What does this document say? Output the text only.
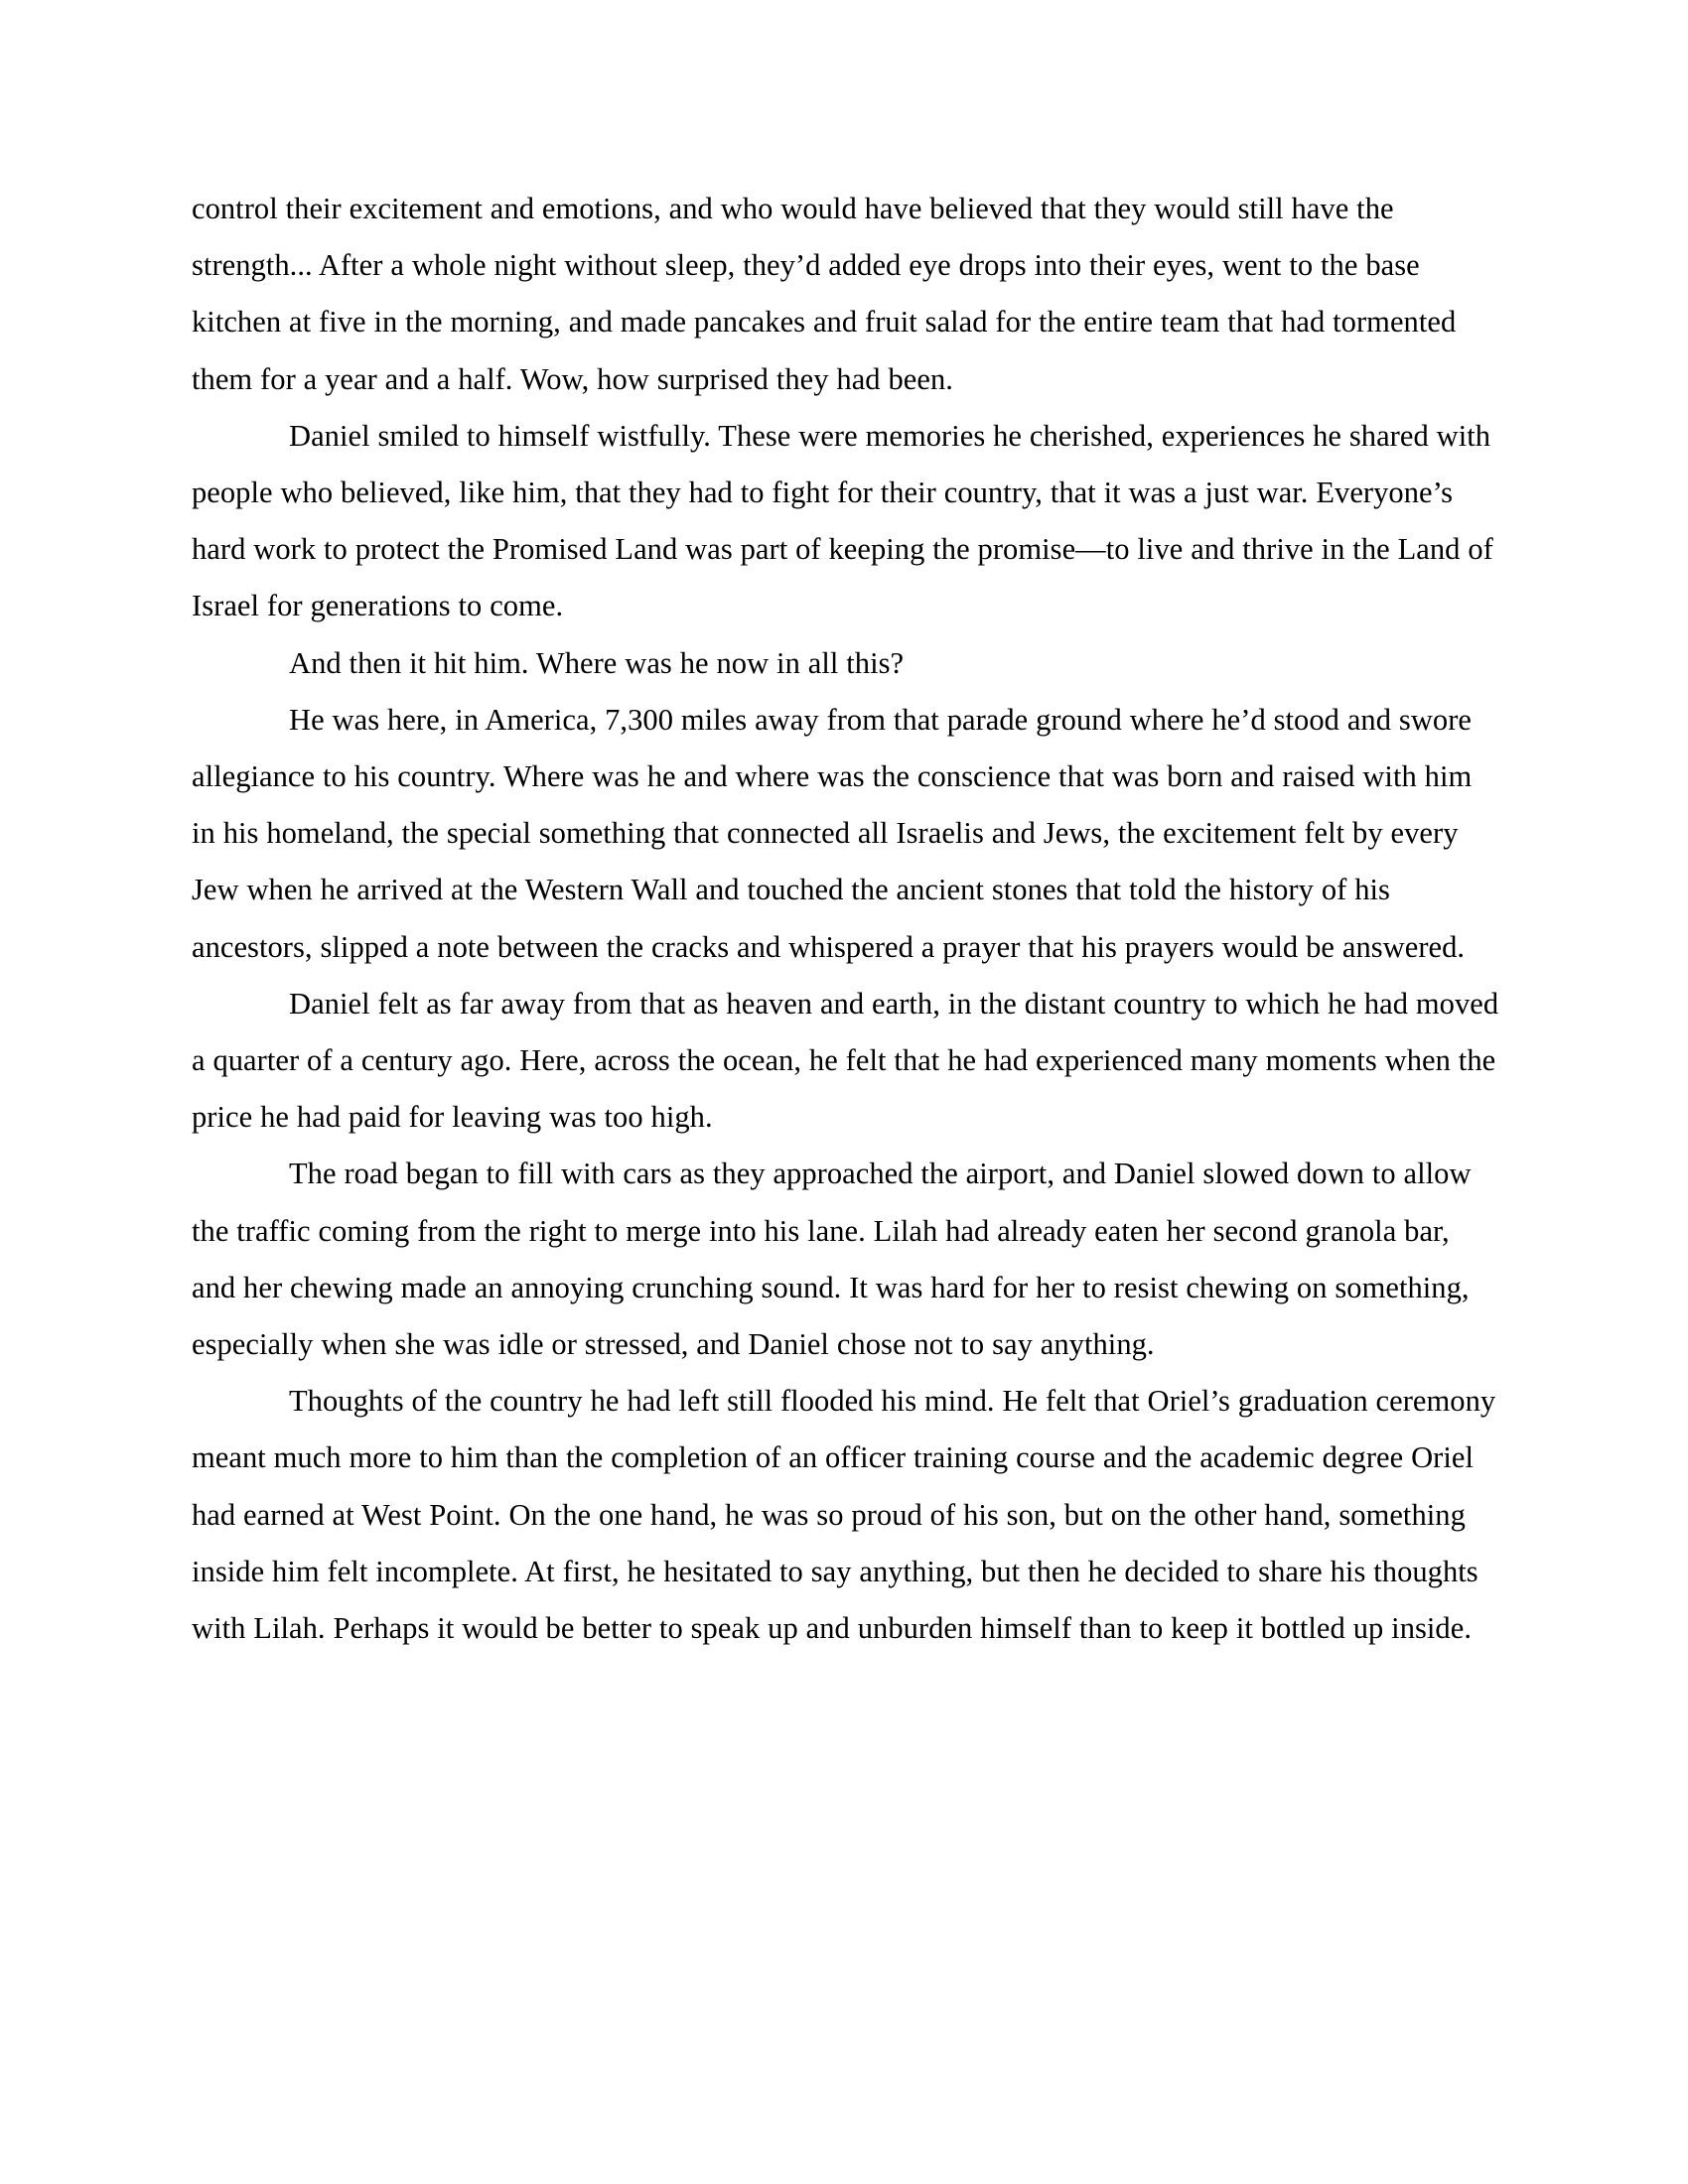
control their excitement and emotions, and who would have believed that they would still have the strength... After a whole night without sleep, they’d added eye drops into their eyes, went to the base kitchen at five in the morning, and made pancakes and fruit salad for the entire team that had tormented them for a year and a half. Wow, how surprised they had been.

Daniel smiled to himself wistfully. These were memories he cherished, experiences he shared with people who believed, like him, that they had to fight for their country, that it was a just war. Everyone’s hard work to protect the Promised Land was part of keeping the promise—to live and thrive in the Land of Israel for generations to come.

And then it hit him. Where was he now in all this?

He was here, in America, 7,300 miles away from that parade ground where he’d stood and swore allegiance to his country. Where was he and where was the conscience that was born and raised with him in his homeland, the special something that connected all Israelis and Jews, the excitement felt by every Jew when he arrived at the Western Wall and touched the ancient stones that told the history of his ancestors, slipped a note between the cracks and whispered a prayer that his prayers would be answered.

Daniel felt as far away from that as heaven and earth, in the distant country to which he had moved a quarter of a century ago. Here, across the ocean, he felt that he had experienced many moments when the price he had paid for leaving was too high.

The road began to fill with cars as they approached the airport, and Daniel slowed down to allow the traffic coming from the right to merge into his lane. Lilah had already eaten her second granola bar, and her chewing made an annoying crunching sound. It was hard for her to resist chewing on something, especially when she was idle or stressed, and Daniel chose not to say anything.

Thoughts of the country he had left still flooded his mind. He felt that Oriel’s graduation ceremony meant much more to him than the completion of an officer training course and the academic degree Oriel had earned at West Point. On the one hand, he was so proud of his son, but on the other hand, something inside him felt incomplete. At first, he hesitated to say anything, but then he decided to share his thoughts with Lilah. Perhaps it would be better to speak up and unburden himself than to keep it bottled up inside.
